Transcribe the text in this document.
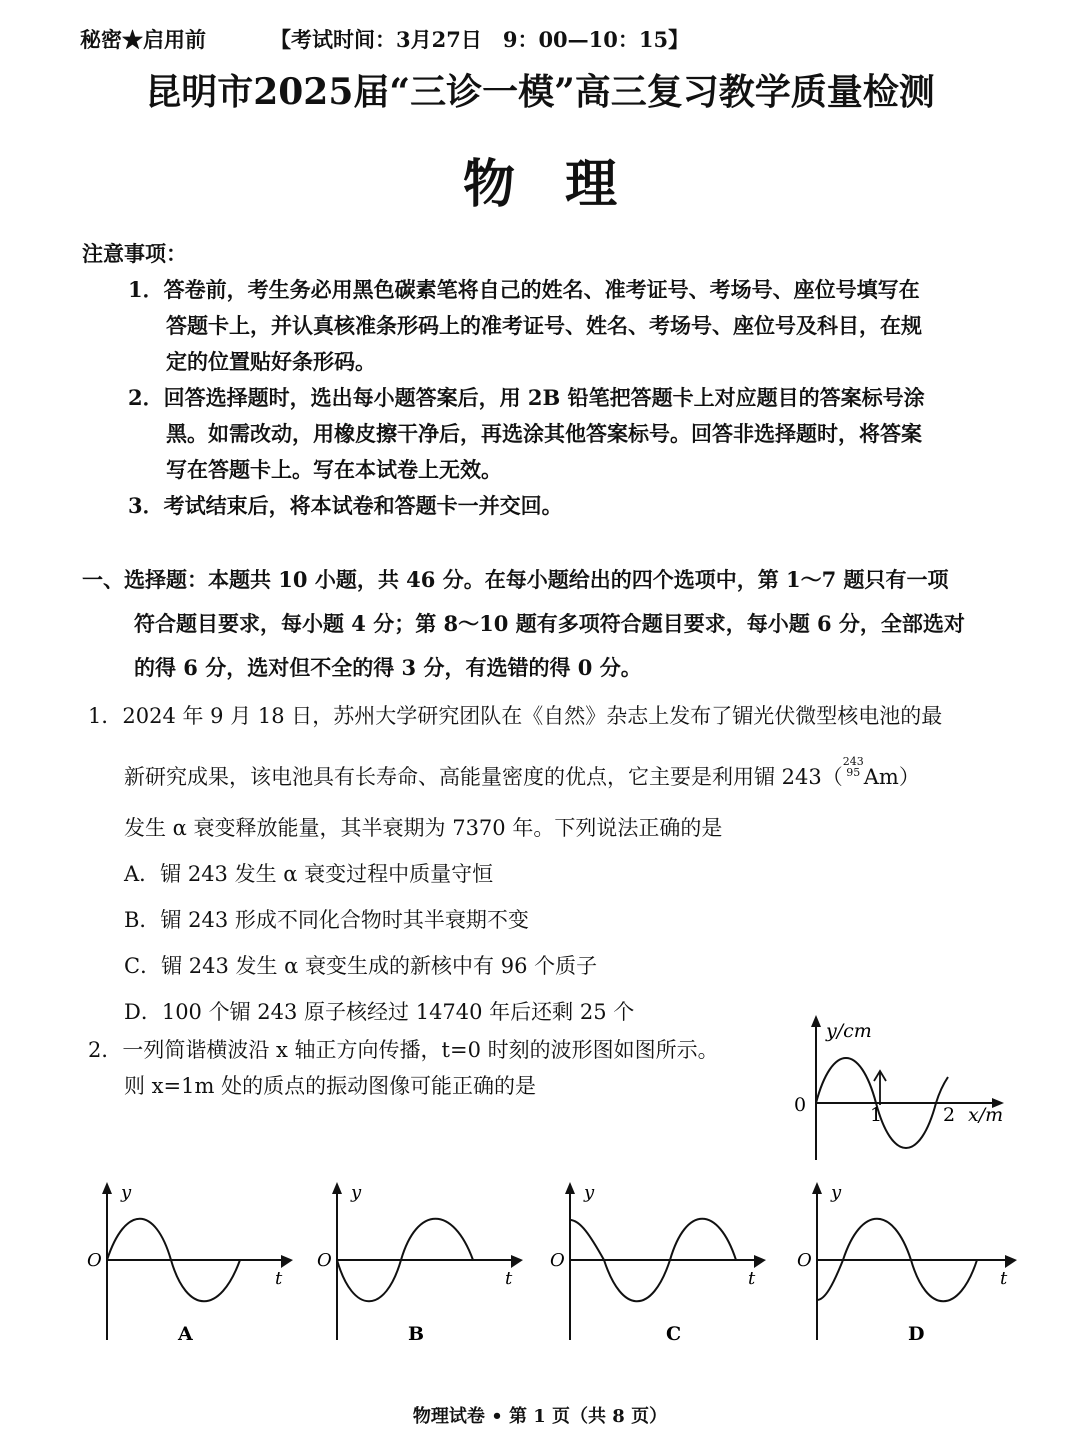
秘密★启用前	【考试时间：3月27日　9：00—10：15】
昆明市2025届“三诊一模”高三复习教学质量检测
物理
注意事项：
1．答卷前，考生务必用黑色碳素笔将自己的姓名、准考证号、考场号、座位号填写在
答题卡上，并认真核准条形码上的准考证号、姓名、考场号、座位号及科目，在规
定的位置贴好条形码。
2．回答选择题时，选出每小题答案后，用 2B 铅笔把答题卡上对应题目的答案标号涂
黑。如需改动，用橡皮擦干净后，再选涂其他答案标号。回答非选择题时，将答案
写在答题卡上。写在本试卷上无效。
3．考试结束后，将本试卷和答题卡一并交回。
一、选择题：本题共 10 小题，共 46 分。在每小题给出的四个选项中，第 1～7 题只有一项
符合题目要求，每小题 4 分；第 8～10 题有多项符合题目要求，每小题 6 分，全部选对
的得 6 分，选对但不全的得 3 分，有选错的得 0 分。
1．2024 年 9 月 18 日，苏州大学研究团队在《自然》杂志上发布了镅光伏微型核电池的最
新研究成果，该电池具有长寿命、高能量密度的优点，它主要是利用镅 243（$^{243 95}$ Am）
发生 α 衰变释放能量，其半衰期为 7370 年。下列说法正确的是
A．镅 243 发生 α 衰变过程中质量守恒
B．镅 243 形成不同化合物时其半衰期不变
C．镅 243 发生 α 衰变生成的新核中有 96 个质子
D．100 个镅 243 原子核经过 14740 年后还剩 25 个
2．一列简谐横波沿 x 轴正方向传播，t=0 时刻的波形图如图所示。
则 x=1m 处的质点的振动图像可能正确的是
y/cm
0	1	2 x/m
y
O
t
A
y
O
t
B
y
O
t
C
y
O
t
D
物理试卷 • 第 1 页（共 8 页）
